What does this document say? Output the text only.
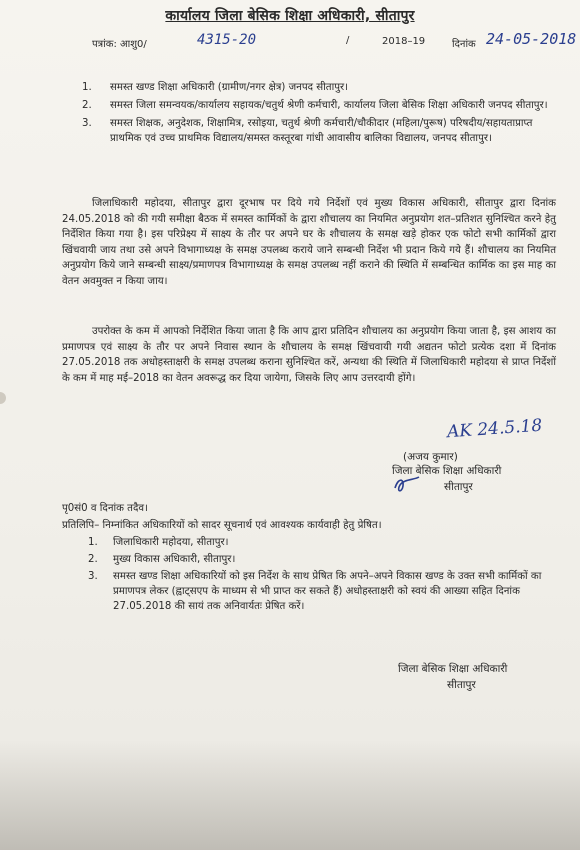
कार्यालय जिला बेसिक शिक्षा अधिकारी, सीतापुर
पत्रांक: आशु0/	4315-20	/	2018–19	दिनांक 24-05-2018
1. समस्त खण्ड शिक्षा अधिकारी (ग्रामीण/नगर क्षेत्र) जनपद सीतापुर।
2. समस्त जिला समन्वयक/कार्यालय सहायक/चतुर्थ श्रेणी कर्मचारी, कार्यालय जिला बेसिक शिक्षा अधिकारी जनपद सीतापुर।
3. समस्त शिक्षक, अनुदेशक, शिक्षामित्र, रसोइया, चतुर्थ श्रेणी कर्मचारी/चौकीदार (महिला/पुरूष) परिषदीय/सहायताप्राप्त प्राथमिक एवं उच्च प्राथमिक विद्यालय/समस्त कस्तूरबा गांधी आवासीय बालिका विद्यालय, जनपद सीतापुर।
जिलाधिकारी महोदया, सीतापुर द्वारा दूरभाष पर दिये गये निर्देशों एवं मुख्य विकास अधिकारी, सीतापुर द्वारा दिनांक 24.05.2018 को की गयी समीक्षा बैठक में समस्त कार्मिकों के द्वारा शौचालय का नियमित अनुप्रयोग शत–प्रतिशत सुनिश्चित करने हेतु निर्देशित किया गया है। इस परिप्रेक्ष्य में साक्ष्य के तौर पर अपने घर के शौचालय के समक्ष खड़े होकर एक फोटो सभी कार्मिकों द्वारा खिंचवायी जाय तथा उसे अपने विभागाध्यक्ष के समक्ष उपलब्ध कराये जाने सम्बन्धी निर्देश भी प्रदान किये गये हैं। शौचालय का नियमित अनुप्रयोग किये जाने सम्बन्धी साक्ष्य/प्रमाणपत्र विभागाध्यक्ष के समक्ष उपलब्ध नहीं कराने की स्थिति में सम्बन्धित कार्मिक का इस माह का वेतन अवमुक्त न किया जाय।
उपरोक्त के कम में आपको निर्देशित किया जाता है कि आप द्वारा प्रतिदिन शौचालय का अनुप्रयोग किया जाता है, इस आशय का प्रमाणपत्र एवं साक्ष्य के तौर पर अपने निवास स्थान के शौचालय के समक्ष खिंचवायी गयी अद्यतन फोटो प्रत्येक दशा में दिनांक 27.05.2018 तक अधोहस्ताक्षरी के समक्ष उपलब्ध कराना सुनिश्चित करें, अन्यथा की स्थिति में जिलाधिकारी महोदया से प्राप्त निर्देशों के कम में माह मई–2018 का वेतन अवरूद्ध कर दिया जायेगा, जिसके लिए आप उत्तरदायी होंगे।
AK 24.5.18
(अजय कुमार)
जिला बेसिक शिक्षा अधिकारी
सीतापुर
पृ0सं0 व दिनांक तदैव।
प्रतिलिपि– निम्नांकित अधिकारियों को सादर सूचनार्थ एवं आवश्यक कार्यवाही हेतु प्रेषित।
1. जिलाधिकारी महोदया, सीतापुर।
2. मुख्य विकास अधिकारी, सीतापुर।
3. समस्त खण्ड शिक्षा अधिकारियों को इस निर्देश के साथ प्रेषित कि अपने–अपने विकास खण्ड के उक्त सभी कार्मिकों का प्रमाणपत्र लेकर (ह्वाट्सएप के माध्यम से भी प्राप्त कर सकते हैं) अधोहस्ताक्षरी को स्वयं की आख्या सहित दिनांक 27.05.2018 की सायं तक अनिवार्यतः प्रेषित करें।
जिला बेसिक शिक्षा अधिकारी
सीतापुर
